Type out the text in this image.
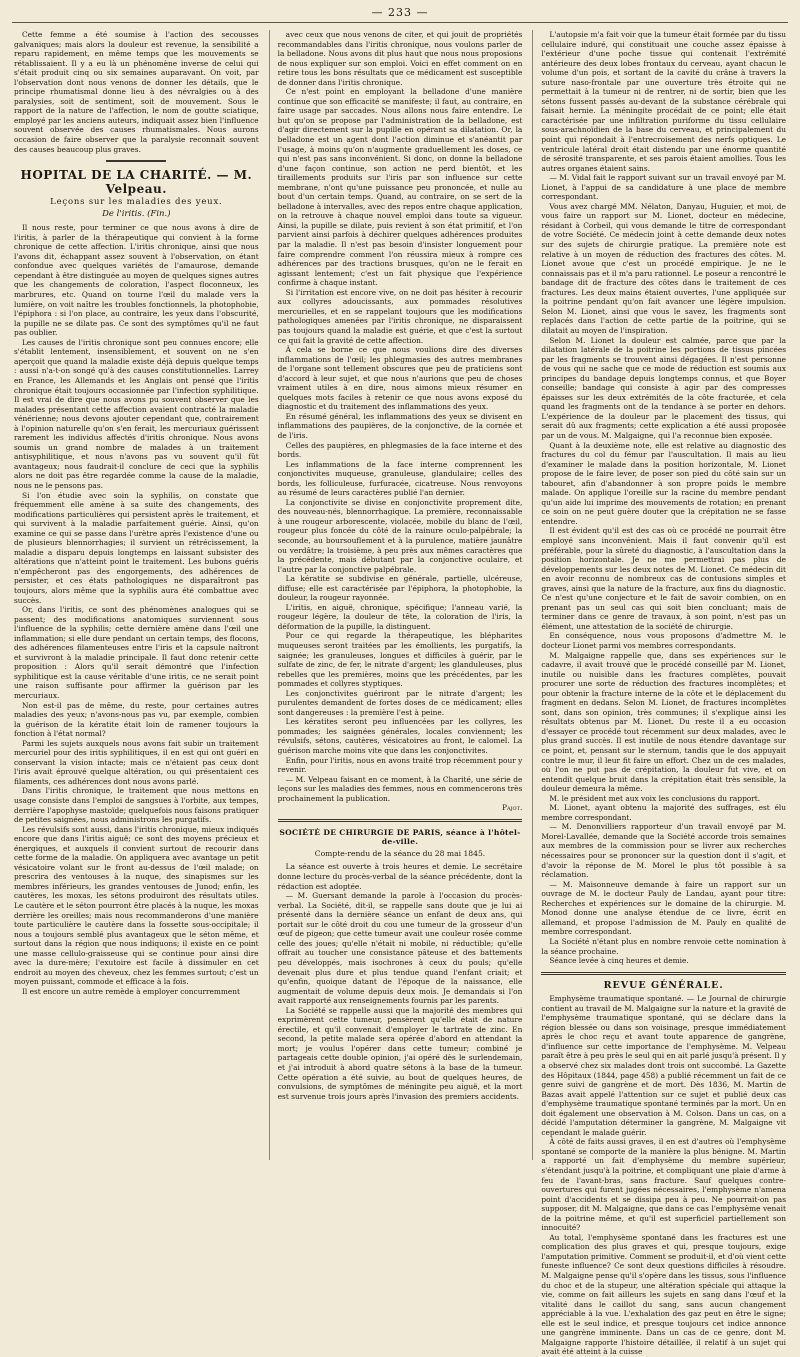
— 233 —

Cette femme a été soumise à l'action des secousses galvaniques; mais alors la douleur est revenue, la sensibilité a reparu rapidement, en même temps que les mouvements se rétablissaient. Il y a eu là un phénomène inverse de celui qui s'était produit cinq ou six semaines auparavant. On voit, par l'observation dont nous venons de donner les détails, que le principe rhumatismal donne lieu à des névralgies ou à des paralysies, soit de sentiment, soit de mouvement. Sous le rapport de la nature de l'affection, le nom de goutte sciatique, employé par les anciens auteurs, indiquait assez bien l'influence souvent observée des causes rhumatismales. Nous aurons occasion de faire observer que la paralysie reconnaît souvent des causes beaucoup plus graves.

HOPITAL DE LA CHARITÉ. — M. Velpeau.
Leçons sur les maladies des yeux.
De l'iritis. (Fin.)

Il nous reste, pour terminer ce que nous avons à dire de l'iritis, à parler de la thérapeutique qui convient à la forme chronique de cette affection. L'iritis chronique, ainsi que nous l'avons dit, échappant assez souvent à l'observation, on étant confondue avec quelques variétés de l'amaurose, demande cependant à être distinguée au moyen de quelques signes autres que les changements de coloration, l'aspect floconneux, les marbrures, etc. Quand on tourne l'œil du malade vers la lumière, on voit naître les troubles fonctionnels, la photophobie, l'épiphora : si l'on place, au contraire, les yeux dans l'obscurité, la pupille ne se dilate pas. Ce sont des symptômes qu'il ne faut pas oublier.

Les causes de l'iritis chronique sont peu connues encore; elle s'établit lentement, insensiblement, et souvent on ne s'en aperçoit que quand la maladie existe déjà depuis quelque temps : aussi n'a-t-on songé qu'à des causes constitutionnelles. Larrey en France, les Allemands et les Anglais ont pensé que l'iritis chronique était toujours occasionnée par l'infection syphilitique. Il est vrai de dire que nous avons pu souvent observer que les malades présentant cette affection avaient contracté la maladie vénérienne; nous devons ajouter cependant que, contrairement à l'opinion naturelle qu'on s'en ferait, les mercuriaux guérissent rarement les individus affectés d'iritis chronique. Nous avons soumis un grand nombre de malades à un traitement antisyphilitique, et nous n'avons pas vu souvent qu'il fût avantageux; nous faudrait-il conclure de ceci que la syphilis alors ne doit pas être regardée comme la cause de la maladie, nous ne le pensons pas.

Si l'on étudie avec soin la syphilis, on constate que fréquemment elle amène à sa suite des changements, des modifications particulières qui persistent après le traitement, et qui survivent à la maladie parfaitement guérie. Ainsi, qu'on examine ce qui se passe dans l'urètre après l'existence d'une ou de plusieurs blennorrhagies; il survient un rétrécissement, la maladie a disparu depuis longtemps en laissant subsister des altérations que n'atteint point le traitement. Les bubons guéris n'empêcheront pas des engorgements, des adhérences de persister, et ces états pathologiques ne disparaîtront pas toujours, alors même que la syphilis aura été combattue avec succès.

Or, dans l'iritis, ce sont des phénomènes analogues qui se passent; des modifications anatomiques surviennent sous l'influence de la syphilis; cette dernière amène dans l'œil une inflammation; si elle dure pendant un certain temps, des flocons, des adhérences filamenteuses entre l'iris et la capsule naîtront et survivront à la maladie principale. Il faut donc retenir cette proposition : Alors qu'il serait démontré que l'infection syphilitique est la cause véritable d'une iritis, ce ne serait point une raison suffisante pour affirmer la guérison par les mercuriaux.

Non est-il pas de même, du reste, pour certaines autres maladies des yeux; n'avons-nous pas vu, par exemple, combien la guérison de la kératite était loin de ramener toujours la fonction à l'état normal?

Parmi les sujets auxquels nous avons fait subir un traitement mercuriel pour des iritis syphilitiques, il en est qui ont guéri en conservant la vision intacte; mais ce n'étaient pas ceux dont l'iris avait éprouvé quelque altération, ou qui présentaient ces filaments, ces adhérences dont nous avons parlé.

Dans l'iritis chronique, le traitement que nous mettons en usage consiste dans l'emploi de sangsues à l'orbite, aux tempes, derrière l'apophyse mastoïde; quelquefois nous faisons pratiquer de petites saignées, nous administrons les purgatifs.

Les révulsifs sont aussi, dans l'iritis chronique, mieux indiqués encore que dans l'iritis aiguë; ce sont des moyens précieux et énergiques, et auxquels il convient surtout de recourir dans cette forme de la maladie. On appliquera avec avantage un petit vésicatoire volant sur le front au-dessus de l'œil malade; on prescrira des ventouses à la nuque, des sinapismes sur les membres inférieurs, les grandes ventouses de Junod; enfin, les cautères, les moxas, les sétons produiront des résultats utiles. Le cautère et le séton pourront être placés à la nuque, les moxas derrière les oreilles; mais nous recommanderons d'une manière toute particulière le cautère dans la fossette sous-occipitale; il nous a toujours semblé plus avantageux que le séton même, et surtout dans la région que nous indiquons; il existe en ce point une masse cellulo-graisseuse qui se continue pour ainsi dire avec la dure-mère; l'exutoire est facile à dissimuler en cet endroit au moyen des cheveux, chez les femmes surtout; c'est un moyen puissant, commode et efficace à la fois.

Il est encore un autre remède à employer concurremment

avec ceux que nous venons de citer, et qui jouit de propriétés recommandables dans l'iritis chronique, nous voulons parler de la belladone. Nous avons dit plus haut que nous nous proposions de nous expliquer sur son emploi. Voici en effet comment on en retire tous les bons résultats que ce médicament est susceptible de donner dans l'iritis chronique.

Ce n'est point en employant la belladone d'une manière continue que son efficacité se manifeste; il faut, au contraire, en faire usage par saccades. Nous allons nous faire entendre. Le but qu'on se propose par l'administration de la belladone, est d'agir directement sur la pupille en opérant sa dilatation. Or, la belladone est un agent dont l'action diminue et s'anéantit par l'usage, à moins qu'on n'augmente graduellement les doses, ce qui n'est pas sans inconvénient. Si donc, on donne la belladone d'une façon continue, son action ne perd bientôt, et les tiraillements produits sur l'iris par son influence sur cette membrane, n'ont qu'une puissance peu prononcée, et nulle au bout d'un certain temps. Quand, au contraire, on se sert de la belladone à intervalles, avec des repos entre chaque application, on la retrouve à chaque nouvel emploi dans toute sa vigueur. Ainsi, la pupille se dilate, puis revient à son état primitif, et l'on parvient ainsi parfois à déchirer quelques adhérences produites par la maladie. Il n'est pas besoin d'insister longuement pour faire comprendre comment l'on réussira mieux à rompre ces adhérences par des tractions brusques, qu'on ne le ferait en agissant lentement; c'est un fait physique que l'expérience confirme à chaque instant.

Si l'irritation est encore vive, on ne doit pas hésiter à recourir aux collyres adoucissants, aux pommades résolutives mercurielles, et en se rappelant toujours que les modifications pathologiques amenées par l'iritis chronique, ne disparaissent pas toujours quand la maladie est guérie, et que c'est la surtout ce qui fait la gravité de cette affection.

À cela se borne ce que nous voulions dire des diverses inflammations de l'œil; les phlegmasies des autres membranes de l'organe sont tellement obscures que peu de praticiens sont d'accord à leur sujet, et que nous n'aurions que peu de choses vraiment utiles à en dire, nous aimons mieux résumer en quelques mots faciles à retenir ce que nous avons exposé du diagnostic et du traitement des inflammations des yeux.

En résumé général, les inflammations des yeux se divisent en inflammations des paupières, de la conjonctive, de la cornée et de l'iris.

Celles des paupières, en phlegmasies de la face interne et des bords.

Les inflammations de la face interne comprennent les conjonctivites muqueuse, granuleuse, glandulaire; celles des bords, les folliculeuse, furfuracée, cicatreuse. Nous renvoyons au résumé de leurs caractères publié l'an dernier.

La conjonctivite se divise en conjonctivite proprement dite, des nouveau-nés, blennorrhagique. La première, reconnaissable à une rougeur arborescente, violacée, mobile du blanc de l'œil, rougeur plus foncée du côté de la rainure oculo-palpébrale; la seconde, au boursouflement et à la purulence, matière jaunâtre ou verdâtre; la troisième, à peu près aux mêmes caractères que la précédente, mais débutant par la conjonctive oculaire, et l'autre par la conjonctive palpébrale.

La kératite se subdivise en générale, partielle, ulcéreuse, diffuse; elle est caractérisée par l'épiphora, la photophobie, la douleur, la rougeur rayonnée.

L'iritis, en aiguë, chronique, spécifique; l'anneau varié, la rougeur légère, la douleur de tête, la coloration de l'iris, la déformation de la pupille, la distinguent.

Pour ce qui regarde la thérapeutique, les blépharites muqueuses seront traitées par les émollients, les purgatifs, la saignée; les granuleuses, longues et difficiles à guérir, par le sulfate de zinc, de fer, le nitrate d'argent; les glanduleuses, plus rebelles que les premières, moins que les précédentes, par les pommades et collyres styptiques.

Les conjonctivites guériront par le nitrate d'argent; les purulentes demandent de fortes doses de ce médicament; elles sont dangereuses : la première l'est à peine.

Les kératites seront peu influencées par les collyres, les pommades; les saignées générales, locales conviennent; les révulsifs, sétons, cautères, vésicatoires au front, le calomel. La guérison marche moins vite que dans les conjonctivites.

Enfin, pour l'iritis, nous en avons traité trop récemment pour y revenir.

— M. Velpeau faisant en ce moment, à la Charité, une série de leçons sur les maladies des femmes, nous en commencerons très prochainement la publication.

Pajot.
SOCIÉTÉ DE CHIRURGIE DE PARIS, séance à l'hôtel-de-ville.
Compte-rendu de la séance du 28 mai 1845.

La séance est ouverte à trois heures et demie. Le secrétaire donne lecture du procès-verbal de la séance précédente, dont la rédaction est adoptée.

— M. Guersant demande la parole à l'occasion du procès-verbal. La Société, dit-il, se rappelle sans doute que je lui ai présenté dans la dernière séance un enfant de deux ans, qui portait sur le côté droit du cou une tumeur de la grosseur d'un œuf de pigeon; que cette tumeur avait une couleur rosée comme celle des joues; qu'elle n'était ni mobile, ni réductible; qu'elle offrait au toucher une consistance pâteuse et des battements peu développés, mais isochrones à ceux du pouls; qu'elle devenait plus dure et plus tendue quand l'enfant criait; et qu'enfin, quoique datant de l'époque de la naissance, elle augmentait de volume depuis deux mois. Je demandais si l'on avait rapporté aux renseignements fournis par les parents.

La Société se rappelle aussi que la majorité des membres qui exprimèrent cette tumeur, pensèrent qu'elle était de nature érectile, et qu'il convenait d'employer le tartrate de zinc. En second, la petite malade sera opérée d'abord en attendant la mort; je voulus l'opérer dans cette tumeur; combiné je partageais cette double opinion, j'ai opéré dès le surlendemain, et j'ai introduit à abord quatre sétons à la base de la tumeur. Cette opération a été suivie, au bout de quelques heures, de convulsions, de symptômes de méningite peu aiguë, et la mort est survenue trois jours après l'invasion des premiers accidents.

L'autopsie m'a fait voir que la tumeur était formée par du tissu cellulaire induré, qui constituait une couche assez épaisse à l'extérieur d'une poche tissue qui contenait l'extrémité antérieure des deux lobes frontaux du cerveau, ayant chacun le volume d'un pois, et sortant de la cavité du crâne à travers la suture naso-frontale par une ouverture très étroite qui ne permettait à la tumeur ni de rentrer, ni de sortir, bien que les sétons fussent passés au-devant de la substance cérébrale qui faisait hernie. La méningite procédait de ce point; elle était caractérisée par une infiltration puriforme du tissu cellulaire sous-arachnoïdien de la base du cerveau, et principalement du point qui répondait à l'entrecroisement des nerfs optiques. Le ventricule latéral droit était distendu par une énorme quantité de sérosité transparente, et ses parois étaient amollies. Tous les autres organes étaient sains.

— M. Vidal fait le rapport suivant sur un travail envoyé par M. Lionet, à l'appui de sa candidature à une place de membre correspondant.

Vous avez chargé MM. Nélaton, Danyau, Huguier, et moi, de vous faire un rapport sur M. Lionet, docteur en médecine, résidant à Corbeil, qui vous demande le titre de correspondant de votre Société. Ce médecin joint à cette demande deux notes sur des sujets de chirurgie pratique. La première note est relative à un moyen de réduction des fractures des côtes. M. Lionet avoue que c'est un procédé empirique. Je ne le connaissais pas et il m'a paru rationnel. Le poseur a rencontré le bandage dit de fracture des côtes dans le traitement de ces fractures. Les deux mains étaient ouvertes, l'une appliquée sur la poitrine pendant qu'on fait avancer une légère impulsion. Selon M. Lionet, ainsi que vous le savez, les fragments sont replacés dans l'action de cette partie de la poitrine, qui se dilatait au moyen de l'inspiration.

Selon M. Lionet la douleur est calmée, parce que par la dilatation latérale de la poitrine les portions de tissus pincées par les fragments se trouvent ainsi dégagées. Il n'est personne de vous qui ne sache que ce mode de réduction est soumis aux principes du bandage depuis longtemps connus, et que Boyer conseille; bandage qui consiste à agir par des compresses épaisses sur les deux extrémités de la côte fracturée, et cela quand les fragments ont de la tendance à se porter en dehors. L'expérience de la douleur par le placement des tissus, qui serait dû aux fragments; cette explication a été aussi proposée par un de vous. M. Malgaigne, qui l'a reconnue bien exposée.

Quant à la deuxième note, elle est relative au diagnostic des fractures du col du fémur par l'auscultation. Il mais au lieu d'examiner le malade dans la position horizontale, M. Lionet propose de le faire lever, de poser son pied du côté sain sur un tabouret, afin d'abandonner à son propre poids le membre malade. On applique l'oreille sur la racine du membre pendant qu'un aide lui imprime des mouvements de rotation; en prenant ce soin on ne peut guère douter que la crépitation ne se fasse entendre.

Il est évident qu'il est des cas où ce procédé ne pourrait être employé sans inconvénient. Mais il faut convenir qu'il est préférable, pour la sûreté du diagnostic, à l'auscultation dans la position horizontale. Je ne me permettrai pas plus de développements sur les deux notes de M. Lionet. Ce médecin dit en avoir reconnu de nombreux cas de contusions simples et graves, ainsi que la nature de la fracture, aux fins du diagnostic. Ce n'est qu'une conjecture et le fait de savoir combien, on en prenant pas un seul cas qui soit bien concluant; mais de terminer dans ce genre de travaux, à son point, n'est pas un élément, une attestation de la société de chirurgie.

En conséquence, nous vous proposons d'admettre M. le docteur Lionet parmi vos membres correspondants.

M. Malgaigne rappelle que, dans ses expériences sur le cadavre, il avait trouvé que le procédé conseillé par M. Lionet, inutile ou nuisible dans les fractures complètes, pouvait procurer une sorte de réduction des fractures incomplètes; et pour obtenir la fracture interne de la côte et le déplacement du fragment en dedans. Selon M. Lionet, de fractures incomplètes sont, dans son opinion, très communes; il s'explique ainsi les résultats obtenus par M. Lionet. Du reste il a eu occasion d'essayer ce procédé tout récemment sur deux malades, avec le plus grand succès. Il est inutile de nous étendre davantage sur ce point, et, pensant sur le sternum, tandis que le dos appuyait contre le mur, il leur fit faire un effort. Chez un de ces malades, où l'on ne put pas de crépitation, la douleur fut vive, et on entendit quelque bruit dans la crépitation était très sensible, la douleur demeura la même.

M. le président met aux voix les conclusions du rapport.

M. Lionet, ayant obtenu la majorité des suffrages, est élu membre correspondant.

— M. Denonvilliers rapporteur d'un travail envoyé par M. Morel-Lavallée, demande que la Société accorde trois semaines aux membres de la commission pour se livrer aux recherches nécessaires pour se prononcer sur la question dont il s'agit, et d'avoir la réponse de M. Morel le plus tôt possible à sa réclamation.

— M. Maisonneuve demande à faire un rapport sur un ouvrage de M. le docteur Pauly de Landau, ayant pour titre: Recherches et expériences sur le domaine de la chirurgie. M. Monod donne une analyse étendue de ce livre, écrit en allemand, et propose l'admission de M. Pauly en qualité de membre correspondant.

La Société n'étant plus en nombre renvoie cette nomination à la séance prochaine.

Séance levée à cinq heures et demie.

REVUE GÉNÉRALE.

Emphysème traumatique spontané. — Le Journal de chirurgie contient au travail de M. Malgaigne sur la nature et la gravité de l'emphysème traumatique spontané, qui se déclare dans la région blessée ou dans son voisinage, presque immédiatement après le choc reçu et avant toute apparence de gangrène, d'influence sur cette importance de l'emphysème. M. Velpeau paraît être à peu près le seul qui en ait parlé jusqu'à présent. Il y a observé chez six malades dont trois ont succombé. La Gazette des Hôpitaux (1844, page 458) a publié récemment un fait de ce genre suivi de gangrène et de mort. Dès 1836, M. Martin de Bazas avait appelé l'attention sur ce sujet et publié deux cas d'emphysème traumatique spontané terminés par la mort. Un en doit également une observation à M. Colson. Dans un cas, on a décidé l'amputation déterminer la gangrène, M. Malgaigne vit cependant le malade guérir.

À côté de faits aussi graves, il en est d'autres où l'emphysème spontané se comporte de la manière la plus bénigne. M. Martin a rapporté un fait d'emphysème du membre supérieur, s'étendant jusqu'à la poitrine, et compliquant une plaie d'arme à feu de l'avant-bras, sans fracture. Sauf quelques contre-ouvertures qui furent jugées nécessaires, l'emphysème n'amena point d'accidents et se dissipa peu à peu. Ne pourrait-on pas supposer, dit M. Malgaigne, que dans ce cas l'emphysème venait de la poitrine même, et qu'il est superficiel partiellement son innocuité?

Au total, l'emphysème spontané dans les fractures est une complication des plus graves et qui, presque toujours, exige l'amputation primitive. Comment se produit-il, et d'où vient cette funeste influence? Ce sont deux questions difficiles à résoudre. M. Malgaigne pense qu'il s'opère dans les tissus, sous l'influence du choc et de la stupeur, une altération spéciale qui attaque la vie, comme on fait ailleurs les sujets en sang dans l'œuf et la vitalité dans le caillot du sang, sans aucun changement appréciable à la vue. L'exhalation des gaz peut en être le signe; elle est le seul indice, et presque toujours cet indice annonce une gangrène imminente. Dans un cas de ce genre, dont M. Malgaigne rapporte l'histoire détaillée, il relatif à un sujet qui avait été atteint à la cuisse
